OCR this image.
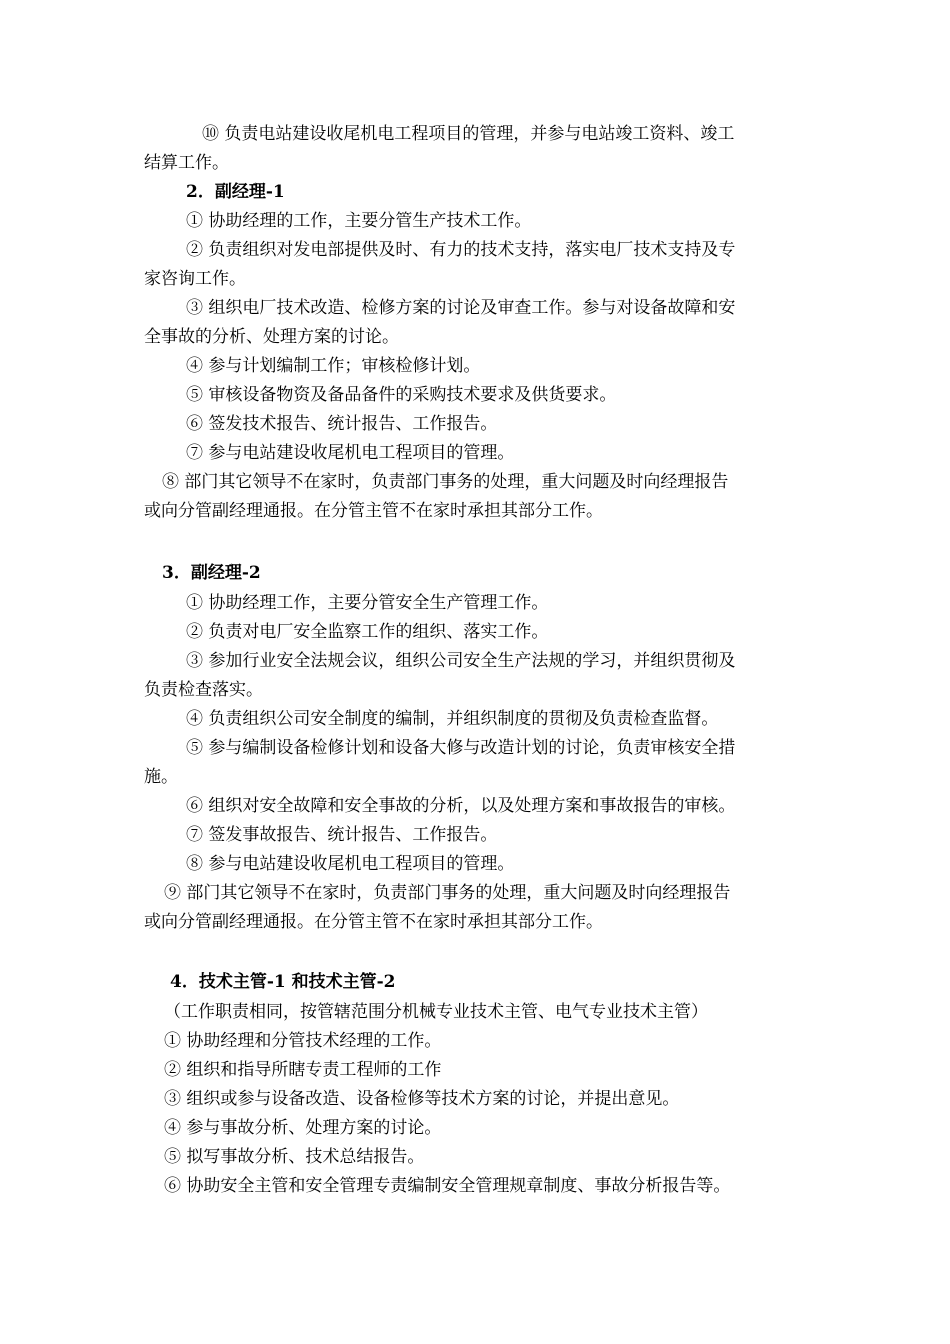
⑩ 负责电站建设收尾机电工程项目的管理，并参与电站竣工资料、竣工
结算工作。
2．副经理-1
① 协助经理的工作，主要分管生产技术工作。
② 负责组织对发电部提供及时、有力的技术支持，落实电厂技术支持及专
家咨询工作。
③ 组织电厂技术改造、检修方案的讨论及审查工作。参与对设备故障和安
全事故的分析、处理方案的讨论。
④ 参与计划编制工作；审核检修计划。
⑤ 审核设备物资及备品备件的采购技术要求及供货要求。
⑥ 签发技术报告、统计报告、工作报告。
⑦ 参与电站建设收尾机电工程项目的管理。
⑧ 部门其它领导不在家时，负责部门事务的处理，重大问题及时向经理报告
或向分管副经理通报。在分管主管不在家时承担其部分工作。
3．副经理-2
① 协助经理工作，主要分管安全生产管理工作。
② 负责对电厂安全监察工作的组织、落实工作。
③ 参加行业安全法规会议，组织公司安全生产法规的学习，并组织贯彻及
负责检查落实。
④ 负责组织公司安全制度的编制，并组织制度的贯彻及负责检查监督。
⑤ 参与编制设备检修计划和设备大修与改造计划的讨论，负责审核安全措
施。
⑥ 组织对安全故障和安全事故的分析，以及处理方案和事故报告的审核。
⑦ 签发事故报告、统计报告、工作报告。
⑧ 参与电站建设收尾机电工程项目的管理。
⑨ 部门其它领导不在家时，负责部门事务的处理，重大问题及时向经理报告
或向分管副经理通报。在分管主管不在家时承担其部分工作。
4．技术主管-1 和技术主管-2
（工作职责相同，按管辖范围分机械专业技术主管、电气专业技术主管）
① 协助经理和分管技术经理的工作。
② 组织和指导所瞎专责工程师的工作
③ 组织或参与设备改造、设备检修等技术方案的讨论，并提出意见。
④ 参与事故分析、处理方案的讨论。
⑤ 拟写事故分析、技术总结报告。
⑥ 协助安全主管和安全管理专责编制安全管理规章制度、事故分析报告等。
